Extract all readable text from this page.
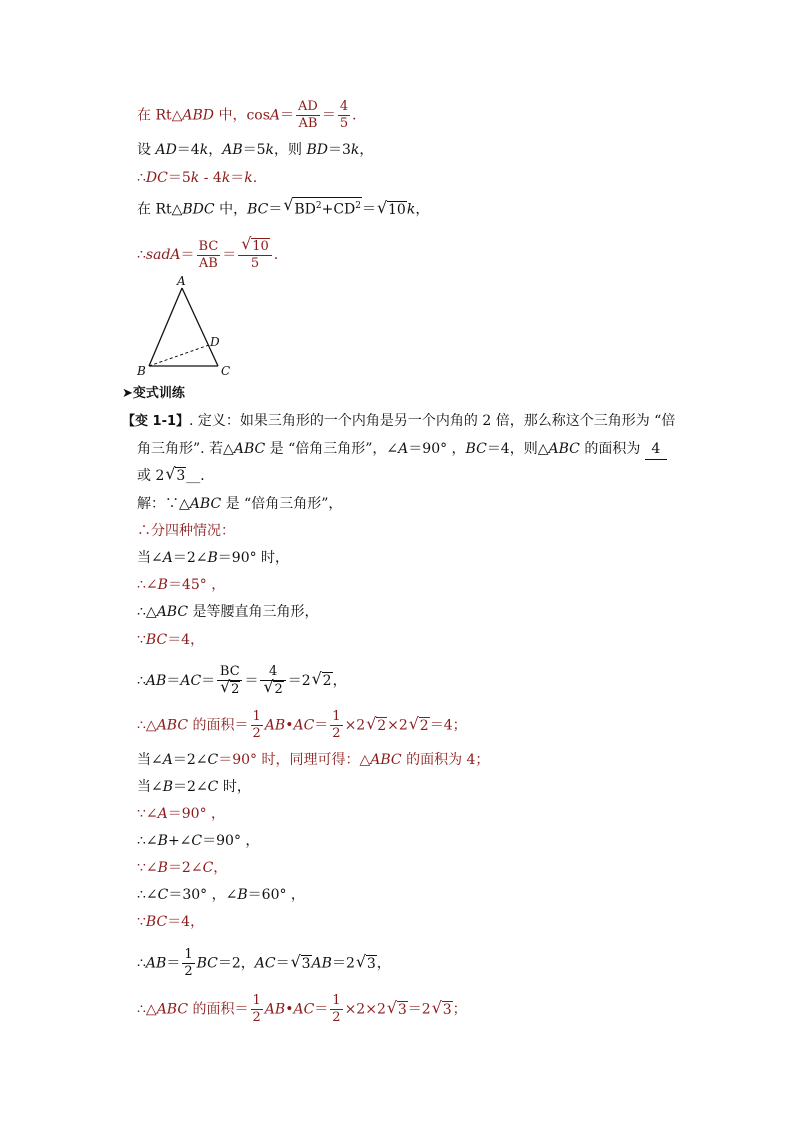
在 Rt△ABD 中，$\cos A= \frac{AD}{AB} = \frac{4}{5}$ ．
设 AD＝4k，AB＝5k，则 BD＝3k，
∴DC＝5k - 4k＝k.
在 Rt△BDC 中，BC＝√ $BD^2+CD^2=√$ 10k，
∴sadA＝ $\frac{BC}{AB}$ ＝
√ $\frac{10}{5}$ ．
A
B	C
D
➤变式训练
【变 1-1】. 定义：如果三角形的一个内角是另一个内角的 2 倍，那么称这个三角形为 “倍
角三角形”. 若△ABC 是 “倍角三角形”，∠A＝90° ，BC＝4，则△ABC 的面积为 4
或 2√ 3__．
解：∵△ABC 是 “倍角三角形”，
∴分四种情况：
当∠A＝2∠B＝90° 时，
∴∠B＝45° ，
∴△ABC 是等腰直角三角形，
∵BC＝4，
∴AB＝AC＝ BC
√ 2 ＝ 4
√ 2 ＝2√ 2，
∴△ABC 的面积＝ $\frac{1}{2}$ AB•AC＝ $\frac{1}{2} \times 2√$ 2×2√ 2＝4；
当∠A＝2∠C＝90° 时，同理可得：△ABC 的面积为 4；
当∠B＝2∠C 时，
∵∠A＝90° ，
∴∠B+∠C＝90° ，
∵∠B＝2∠C，
∴∠C＝30° ，∠B＝60° ，
∵BC＝4，
∴AB＝ $\frac{1}{2} BC=2$，AC＝√ 3AB＝2√ 3，
∴△ABC 的面积＝ $\frac{1}{2}$ AB•AC＝ $\frac{1}{2} \times 2\times 2√$ 3＝2√ 3；
